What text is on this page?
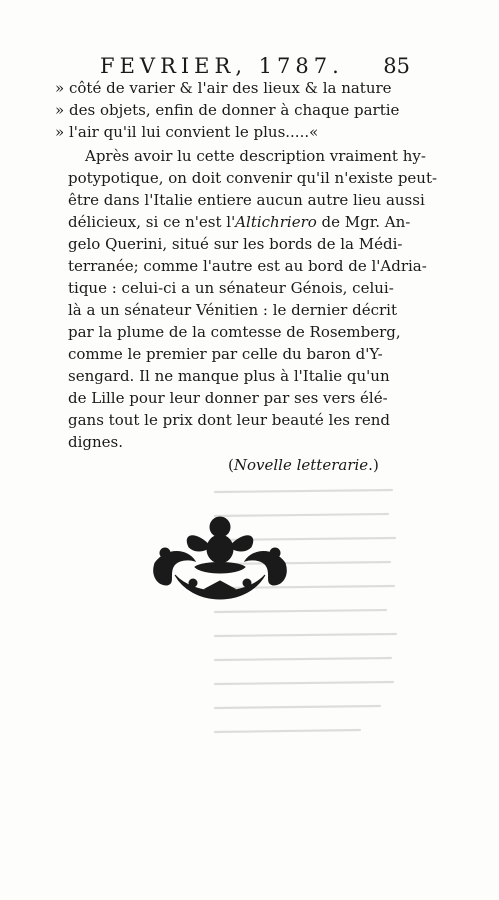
FEVRIER, 1787. 85
» côté de varier & l'air des lieux & la nature
» des objets, enfin de donner à chaque partie
» l'air qu'il lui convient le plus.....«
Après avoir lu cette description vraiment hy-
potypotique, on doit convenir qu'il n'existe peut-
être dans l'Italie entiere aucun autre lieu aussi
délicieux, si ce n'est l'Altichriero de Mgr. An-
gelo Querini, situé sur les bords de la Médi-
terranée; comme l'autre est au bord de l'Adria-
tique : celui-ci a un sénateur Génois, celui-
là a un sénateur Vénitien : le dernier décrit
par la plume de la comtesse de Rosemberg,
comme le premier par celle du baron d'Y-
sengard. Il ne manque plus à l'Italie qu'un
de Lille pour leur donner par ses vers élé-
gans tout le prix dont leur beauté les rend
dignes.
(Novelle letterarie.)
